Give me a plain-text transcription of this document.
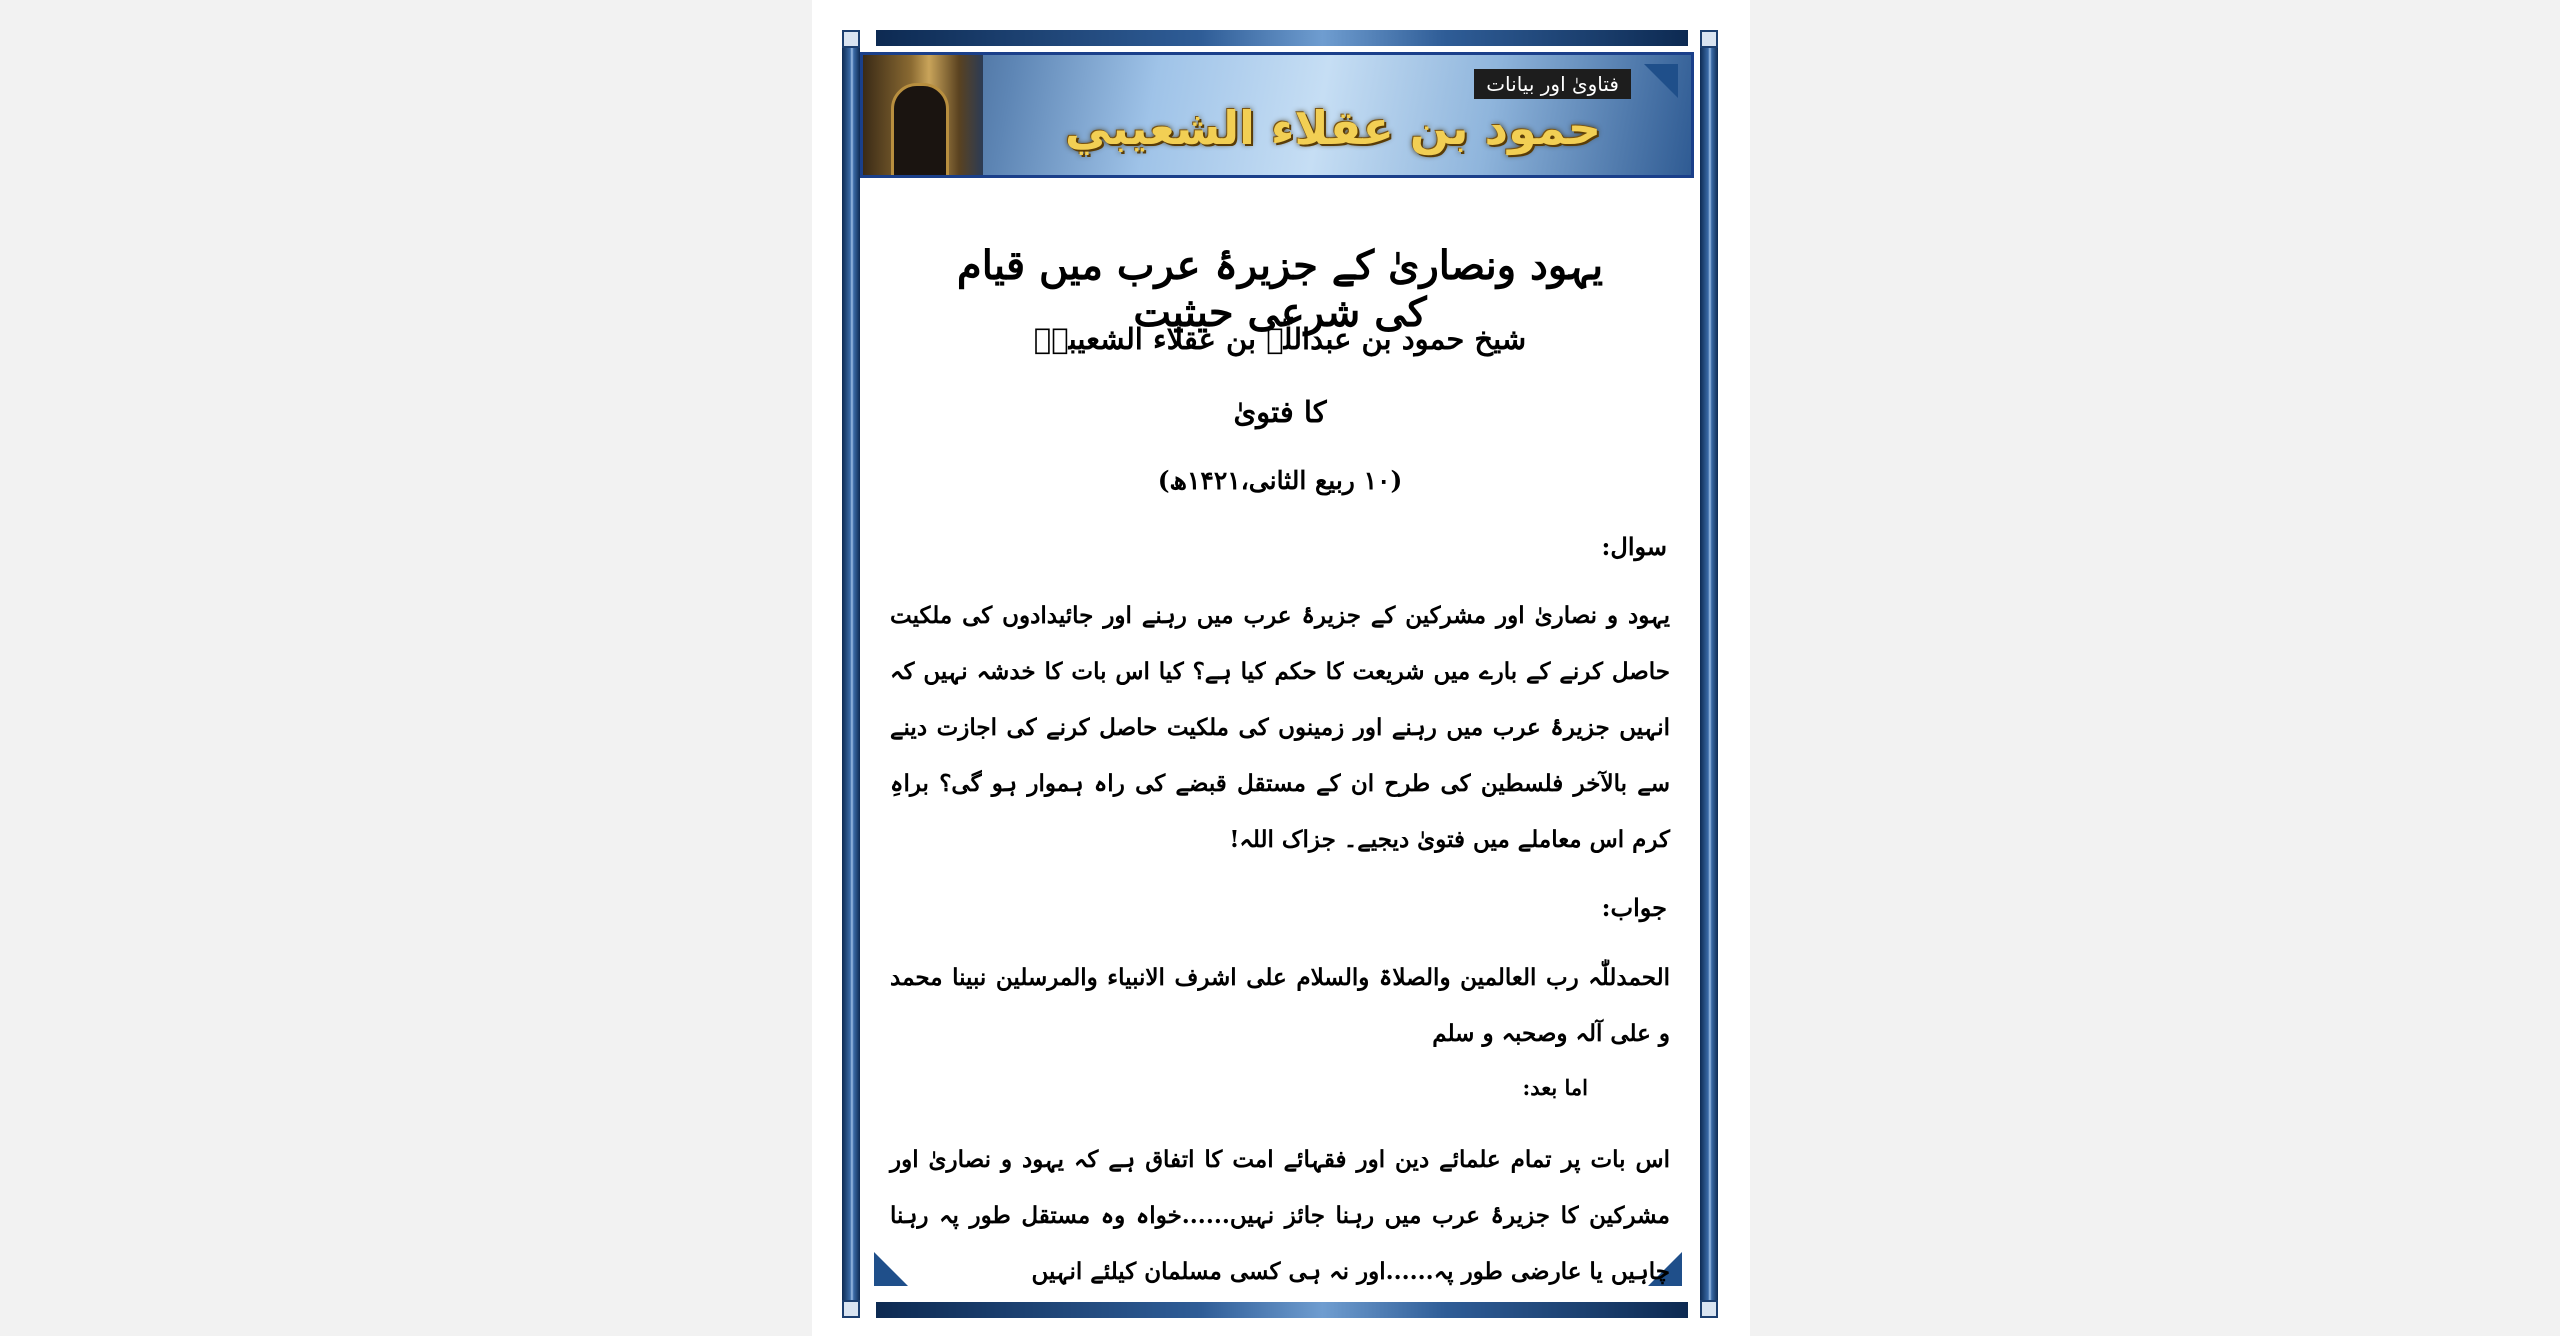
فتاویٰ اور بیانات
حمود بن عقلاء الشعيبي
یہود ونصاریٰ کے جزیرۂ عرب میں قیام کی شرعی حیثیت
شیخ حمود بن عبداللّٰہ بن عقلاء الشعیبیؒ
کا فتویٰ
(۱۰ ربیع الثانی،۱۴۲۱ھ)
سوال:
یہود و نصاریٰ اور مشرکین کے جزیرۂ عرب میں رہنے اور جائیدادوں کی ملکیت حاصل کرنے کے بارے میں شریعت کا حکم کیا ہے؟ کیا اس بات کا خدشہ نہیں کہ انہیں جزیرۂ عرب میں رہنے اور زمینوں کی ملکیت حاصل کرنے کی اجازت دینے سے بالآخر فلسطین کی طرح ان کے مستقل قبضے کی راہ ہموار ہو گی؟ براہِ کرم اس معاملے میں فتویٰ دیجیے۔ جزاک اللہ!
جواب:
الحمدللّٰہ رب العالمین والصلاۃ والسلام علی اشرف الانبیاء والمرسلین نبینا محمد و علی آلہ وصحبہ و سلم
اما بعد:
اس بات پر تمام علمائے دین اور فقہائے امت کا اتفاق ہے کہ یہود و نصاریٰ اور مشرکین کا جزیرۂ عرب میں رہنا جائز نہیں......خواہ وہ مستقل طور پہ رہنا چاہیں یا عارضی طور پہ......اور نہ ہی کسی مسلمان کیلئے انہیں
